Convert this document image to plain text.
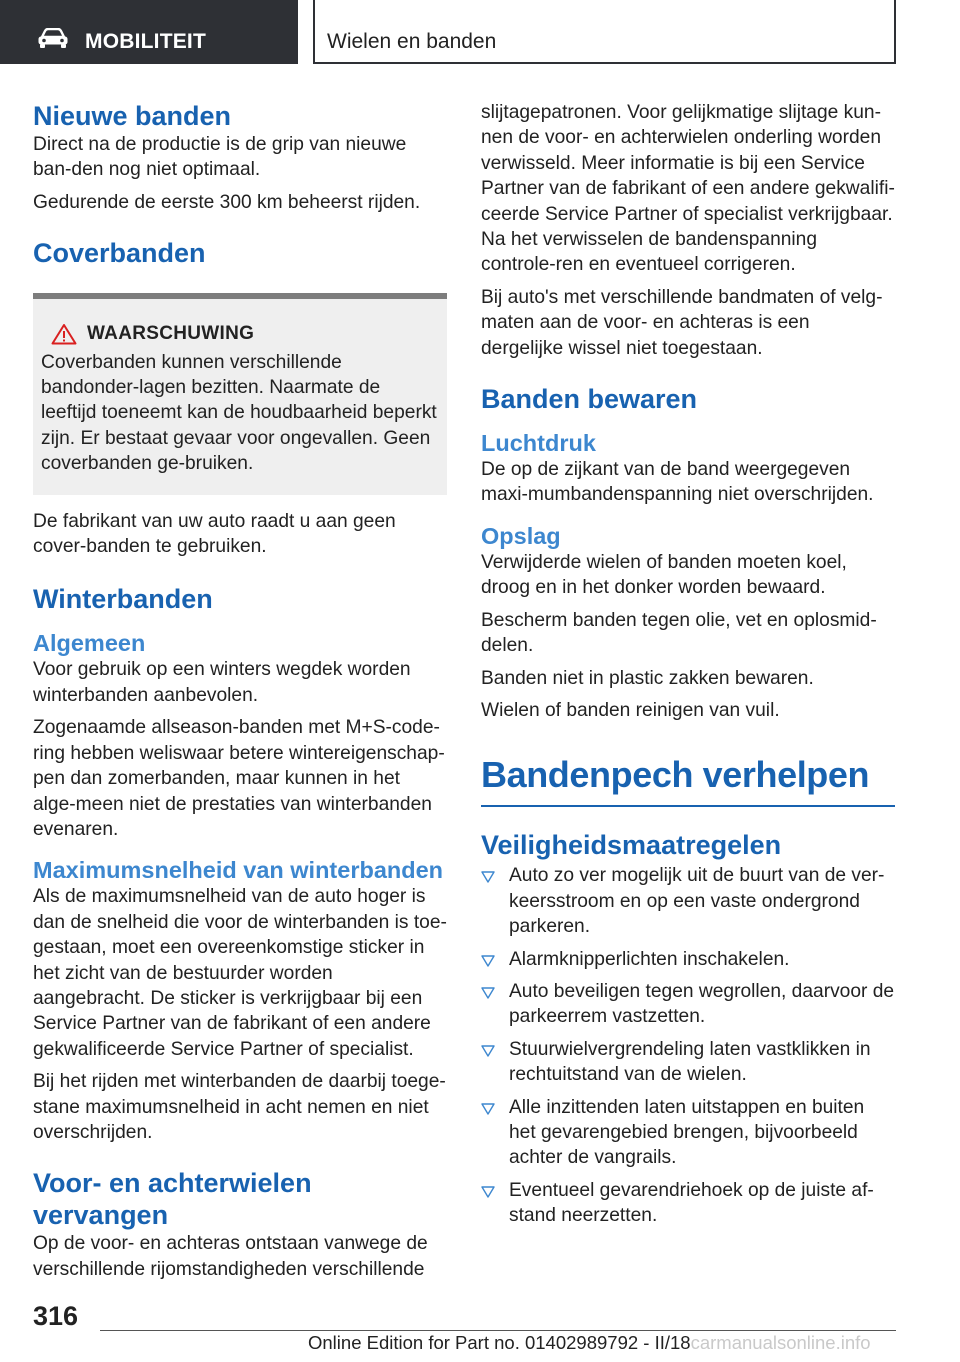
MOBILITEIT	Wielen en banden
Nieuwe banden

Direct na de productie is de grip van nieuwe ban-den nog niet optimaal.

Gedurende de eerste 300 km beheerst rijden.

Coverbanden
WAARSCHUWING

Coverbanden kunnen verschillende bandonder-lagen bezitten. Naarmate de leeftijd toeneemt kan de houdbaarheid beperkt zijn. Er bestaat gevaar voor ongevallen. Geen coverbanden ge-bruiken.

De fabrikant van uw auto raadt u aan geen cover-banden te gebruiken.

Winterbanden
Algemeen

Voor gebruik op een winters wegdek worden winterbanden aanbevolen.

Zogenaamde allseason-banden met M+S-code-ring hebben weliswaar betere wintereigenschap-pen dan zomerbanden, maar kunnen in het alge-meen niet de prestaties van winterbanden evenaren.

Maximumsnelheid van winterbanden

Als de maximumsnelheid van de auto hoger is dan de snelheid die voor de winterbanden is toe-gestaan, moet een overeenkomstige sticker in het zicht van de bestuurder worden aangebracht. De sticker is verkrijgbaar bij een Service Partner van de fabrikant of een andere gekwalificeerde Service Partner of specialist.

Bij het rijden met winterbanden de daarbij toege-stane maximumsnelheid in acht nemen en niet overschrijden.

Voor- en achterwielen vervangen

Op de voor- en achteras ontstaan vanwege de verschillende rijomstandigheden verschillende

slijtagepatronen. Voor gelijkmatige slijtage kun-nen de voor- en achterwielen onderling worden verwisseld. Meer informatie is bij een Service Partner van de fabrikant of een andere gekwalifi-ceerde Service Partner of specialist verkrijgbaar. Na het verwisselen de bandenspanning controle-ren en eventueel corrigeren.

Bij auto's met verschillende bandmaten of velg-maten aan de voor- en achteras is een dergelijke wissel niet toegestaan.

Banden bewaren
Luchtdruk

De op de zijkant van de band weergegeven maxi-mumbandenspanning niet overschrijden.

Opslag

Verwijderde wielen of banden moeten koel, droog en in het donker worden bewaard.

Bescherm banden tegen olie, vet en oplosmid-delen.

Banden niet in plastic zakken bewaren.

Wielen of banden reinigen van vuil.

Bandenpech verhelpen
Veiligheidsmaatregelen
Auto zo ver mogelijk uit de buurt van de ver-keersstroom en op een vaste ondergrond parkeren.
Alarmknipperlichten inschakelen.
Auto beveiligen tegen wegrollen, daarvoor de parkeerrem vastzetten.
Stuurwielvergrendeling laten vastklikken in rechtuitstand van de wielen.
Alle inzittenden laten uitstappen en buiten het gevarengebied brengen, bijvoorbeeld achter de vangrails.
Eventueel gevarendriehoek op de juiste af-stand neerzetten.
316
Online Edition for Part no. 01402989792 - II/18carmanualsonline.info
